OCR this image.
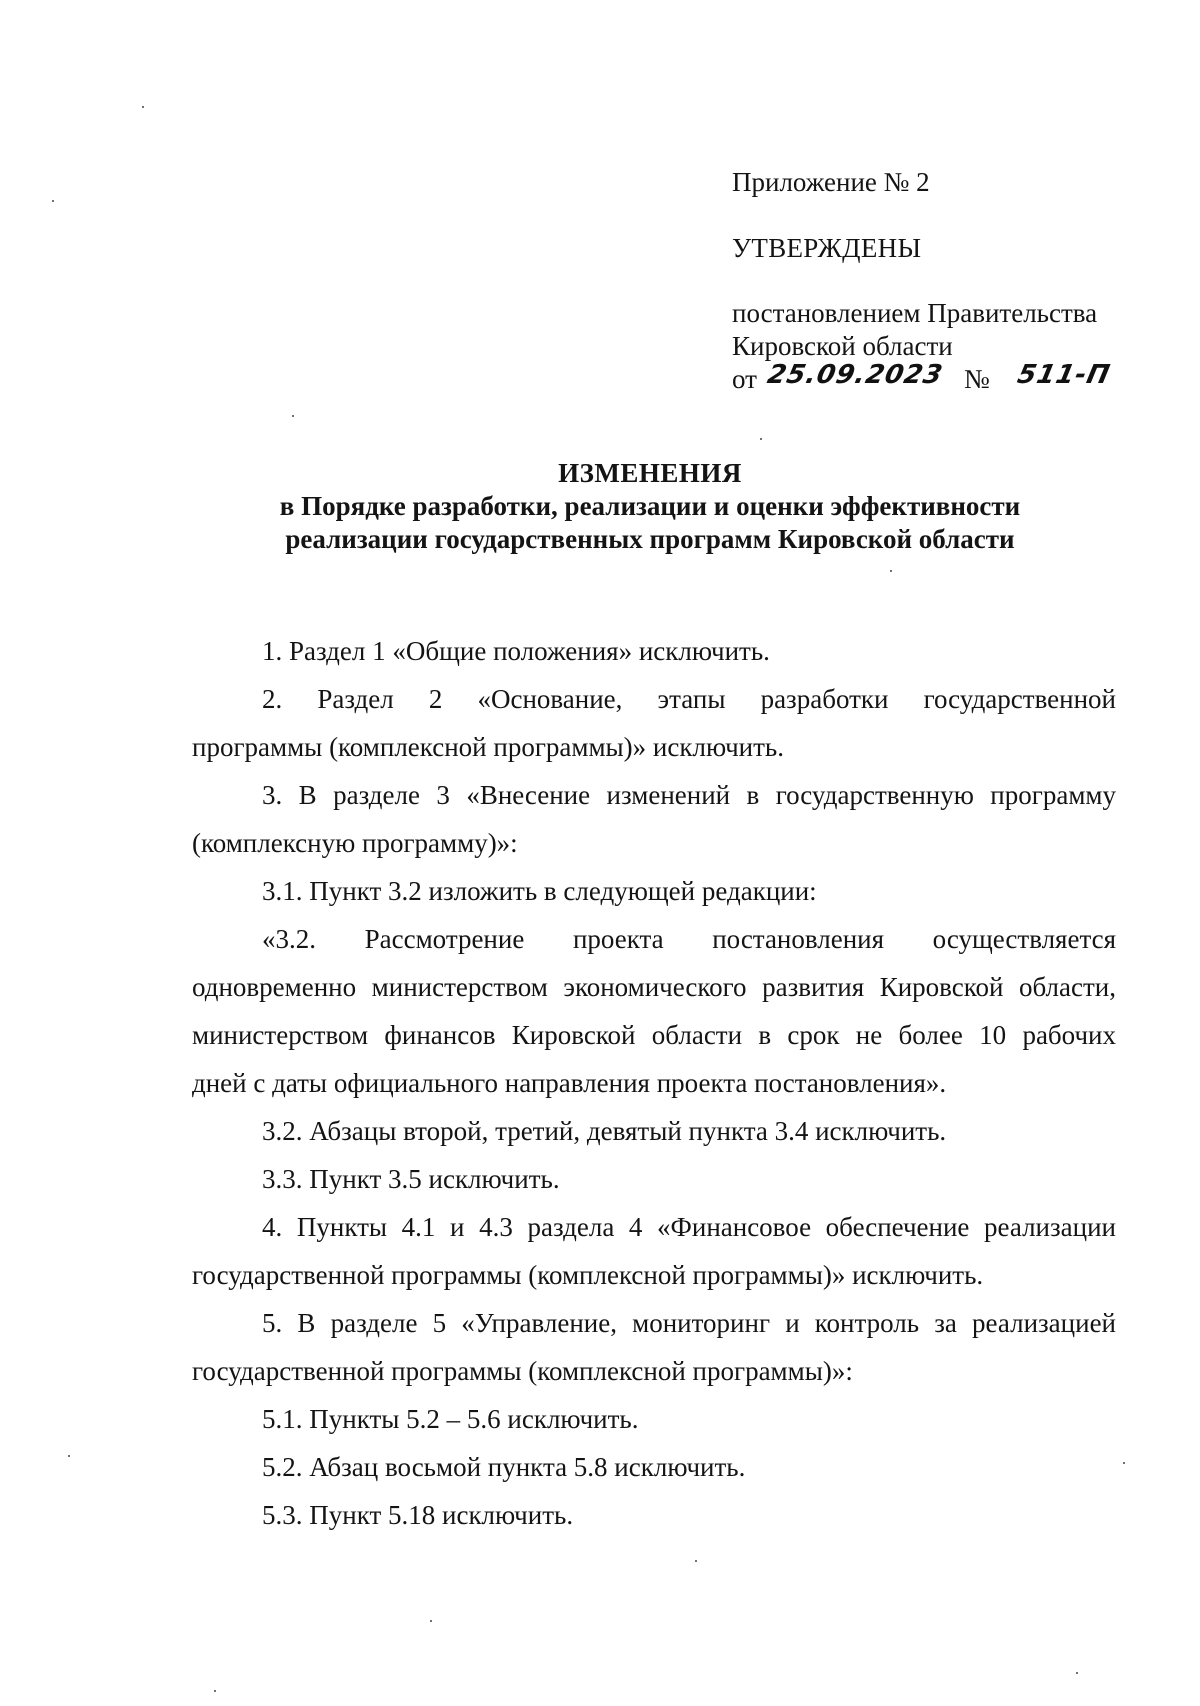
Приложение № 2
УТВЕРЖДЕНЫ
постановлением Правительства
Кировской области
от 25.09.2023 № 511-П
ИЗМЕНЕНИЯ
в Порядке разработки, реализации и оценки эффективности
реализации государственных программ Кировской области
1. Раздел 1 «Общие положения» исключить.
2. Раздел 2 «Основание, этапы разработки государственной
программы (комплексной программы)» исключить.
3. В разделе 3 «Внесение изменений в государственную программу
(комплексную программу)»:
3.1. Пункт 3.2 изложить в следующей редакции:
«3.2. Рассмотрение проекта постановления осуществляется
одновременно министерством экономического развития Кировской области,
министерством финансов Кировской области в срок не более 10 рабочих
дней с даты официального направления проекта постановления».
3.2. Абзацы второй, третий, девятый пункта 3.4 исключить.
3.3. Пункт 3.5 исключить.
4. Пункты 4.1 и 4.3 раздела 4 «Финансовое обеспечение реализации
государственной программы (комплексной программы)» исключить.
5. В разделе 5 «Управление, мониторинг и контроль за реализацией
государственной программы (комплексной программы)»:
5.1. Пункты 5.2 – 5.6 исключить.
5.2. Абзац восьмой пункта 5.8 исключить.
5.3. Пункт 5.18 исключить.
